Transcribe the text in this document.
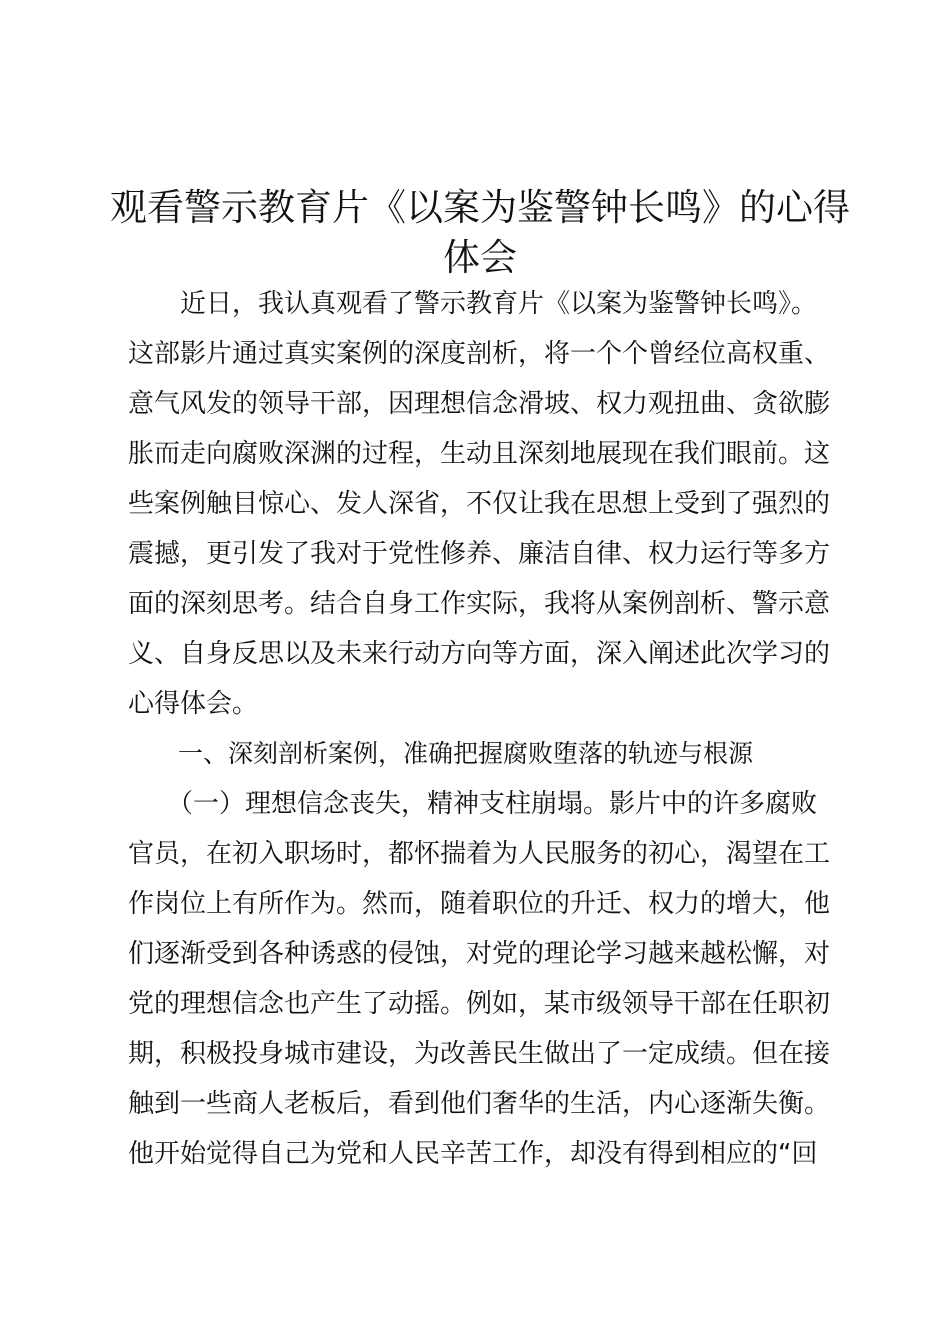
观看警示教育片《以案为鉴警钟长鸣》的心得
体会

　　近日，我认真观看了警示教育片《以案为鉴警钟长鸣》。

这部影片通过真实案例的深度剖析，将一个个曾经位高权重、

意气风发的领导干部，因理想信念滑坡、权力观扭曲、贪欲膨

胀而走向腐败深渊的过程，生动且深刻地展现在我们眼前。这

些案例触目惊心、发人深省，不仅让我在思想上受到了强烈的

震撼，更引发了我对于党性修养、廉洁自律、权力运行等多方

面的深刻思考。结合自身工作实际，我将从案例剖析、警示意

义、自身反思以及未来行动方向等方面，深入阐述此次学习的

心得体会。

　　一、深刻剖析案例，准确把握腐败堕落的轨迹与根源

　　（一）理想信念丧失，精神支柱崩塌。影片中的许多腐败

官员，在初入职场时，都怀揣着为人民服务的初心，渴望在工

作岗位上有所作为。然而，随着职位的升迁、权力的增大，他

们逐渐受到各种诱惑的侵蚀，对党的理论学习越来越松懈，对

党的理想信念也产生了动摇。例如，某市级领导干部在任职初

期，积极投身城市建设，为改善民生做出了一定成绩。但在接

触到一些商人老板后，看到他们奢华的生活，内心逐渐失衡。

他开始觉得自己为党和人民辛苦工作，却没有得到相应的“回
